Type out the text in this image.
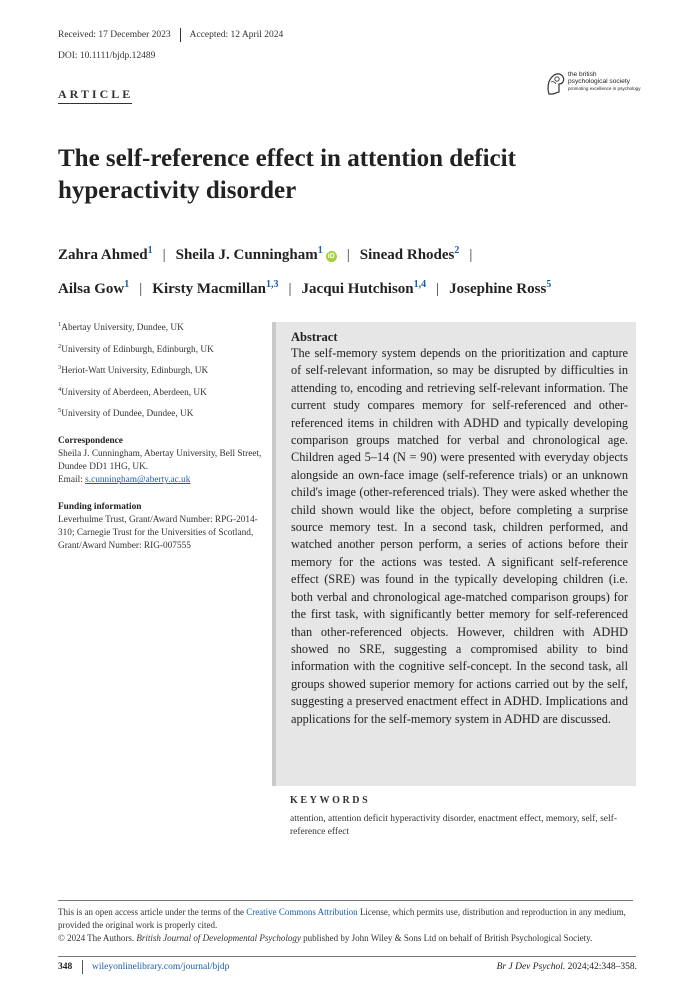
Received: 17 December 2023 Accepted: 12 April 2024
DOI: 10.1111/bjdp.12489
ARTICLE
the british
psychological society
promoting excellence in psychology
The self-reference effect in attention deficit hyperactivity disorder
Zahra Ahmed$^1$ | Sheila J. Cunningham$^1$iD | Sinead Rhodes$^2$ |
Ailsa Gow$^1$ | Kirsty Macmillan$^{1,3}$ | Jacqui Hutchison$^{1,4}$ | Josephine Ross$^5$
$^1$Abertay University, Dundee, UK
$^2$University of Edinburgh, Edinburgh, UK
$^3$Heriot-Watt University, Edinburgh, UK
$^4$University of Aberdeen, Aberdeen, UK
$^5$University of Dundee, Dundee, UK
Correspondence

Sheila J. Cunningham, Abertay University, Bell Street, Dundee DD1 1HG, UK.

Email: s.cunningham@aberty.ac.uk

Funding information

Leverhulme Trust, Grant/Award Number: RPG-2014-310; Carnegie Trust for the Universities of Scotland, Grant/Award Number: RIG-007555

Abstract

The self-memory system depends on the prioritization and capture of self-relevant information, so may be disrupted by difficulties in attending to, encoding and retrieving self-relevant information. The current study compares memory for self-referenced and other-referenced items in children with ADHD and typically developing comparison groups matched for verbal and chronological age. Children aged 5–14 (N = 90) were presented with everyday objects alongside an own-face image (self-reference trials) or an unknown child's image (other-referenced trials). They were asked whether the child shown would like the object, before completing a surprise source memory test. In a second task, children performed, and watched another person perform, a series of actions before their memory for the actions was tested. A significant self-reference effect (SRE) was found in the typically developing children (i.e. both verbal and chronological age-matched comparison groups) for the first task, with significantly better memory for self-referenced than other-referenced objects. However, children with ADHD showed no SRE, suggesting a compromised ability to bind information with the cognitive self-concept. In the second task, all groups showed superior memory for actions carried out by the self, suggesting a preserved enactment effect in ADHD. Implications and applications for the self-memory system in ADHD are discussed.

KEYWORDS
attention, attention deficit hyperactivity disorder, enactment effect, memory, self, self-reference effect
This is an open access article under the terms of the Creative Commons Attribution License, which permits use, distribution and reproduction in any medium, provided the original work is properly cited.
© 2024 The Authors. British Journal of Developmental Psychology published by John Wiley & Sons Ltd on behalf of British Psychological Society.
348 wileyonlinelibrary.com/journal/bjdp	Br J Dev Psychol. 2024;42:348–358.
